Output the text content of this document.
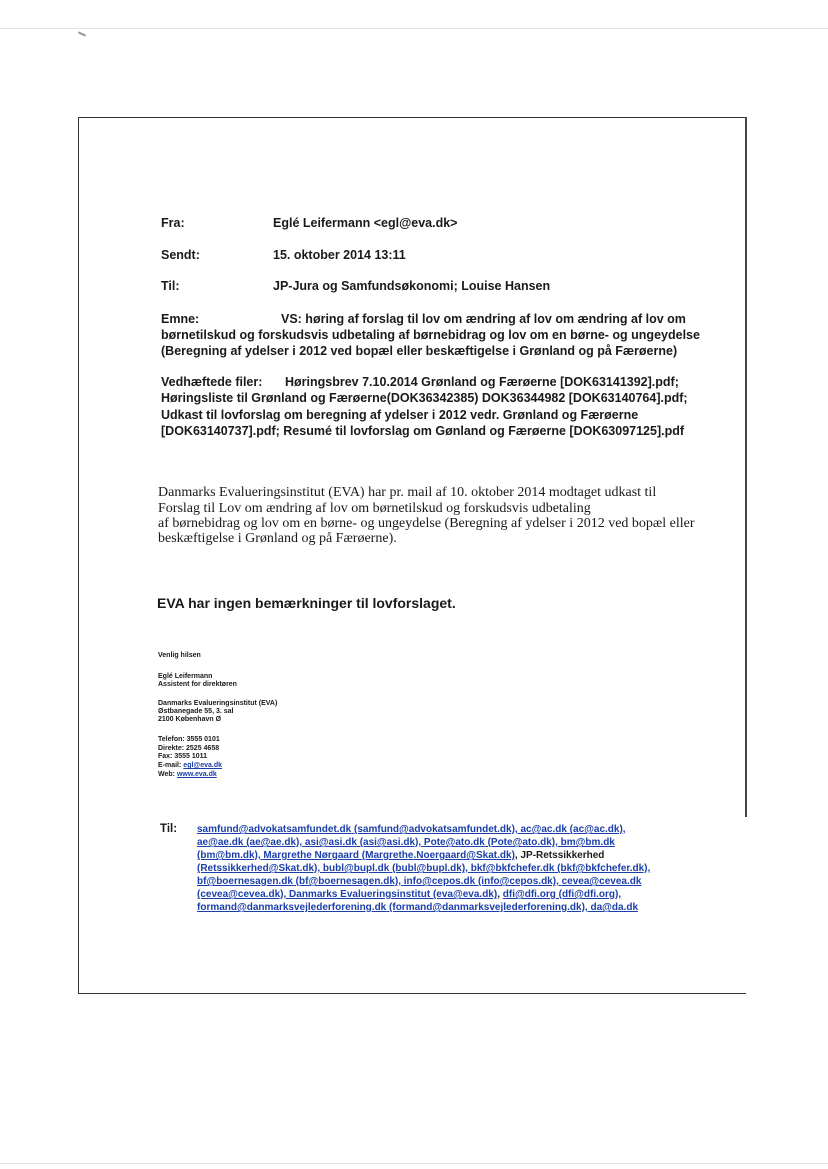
Fra:	Eglé Leifermann <egl@eva.dk>
Sendt:	15. oktober 2014 13:11
Til:	JP-Jura og Samfundsøkonomi; Louise Hansen
Emne:	VS: høring af forslag til lov om ændring af lov om ændring af lov om
børnetilskud og forskudsvis udbetaling af børnebidrag og lov om en børne- og ungeydelse
(Beregning af ydelser i 2012 ved bopæl eller beskæftigelse i Grønland og på Færøerne)
Vedhæftede filer: Høringsbrev 7.10.2014 Grønland og Færøerne [DOK63141392].pdf;
Høringsliste til Grønland og Færøerne(DOK36342385) DOK36344982 [DOK63140764].pdf;
Udkast til lovforslag om beregning af ydelser i 2012 vedr. Grønland og Færøerne
[DOK63140737].pdf; Resumé til lovforslag om Gønland og Færøerne [DOK63097125].pdf
Danmarks Evalueringsinstitut (EVA) har pr. mail af 10. oktober 2014 modtaget udkast til
Forslag til Lov om ændring af lov om børnetilskud og forskudsvis udbetaling
af børnebidrag og lov om en børne- og ungeydelse (Beregning af ydelser i 2012 ved bopæl eller
beskæftigelse i Grønland og på Færøerne).
EVA har ingen bemærkninger til lovforslaget.
Venlig hilsen
Eglé Leifermann
Assistent for direktøren
Danmarks Evalueringsinstitut (EVA)
Østbanegade 55, 3. sal
2100 København Ø
Telefon: 3555 0101
Direkte: 2525 4658
Fax: 3555 1011
E-mail: egl@eva.dk
Web: www.eva.dk
Til: samfund@advokatsamfundet.dk (samfund@advokatsamfundet.dk), ac@ac.dk (ac@ac.dk),
ae@ae.dk (ae@ae.dk), asi@asi.dk (asi@asi.dk), Pote@ato.dk (Pote@ato.dk), bm@bm.dk
(bm@bm.dk), Margrethe Nørgaard (Margrethe.Noergaard@Skat.dk), JP-Retssikkerhed
(Retssikkerhed@Skat.dk), bubl@bupl.dk (bubl@bupl.dk), bkf@bkfchefer.dk (bkf@bkfchefer.dk),
bf@boernesagen.dk (bf@boernesagen.dk), info@cepos.dk (info@cepos.dk), cevea@cevea.dk
(cevea@cevea.dk), Danmarks Evalueringsinstitut (eva@eva.dk), dfi@dfi.org (dfi@dfi.org),
formand@danmarksvejlederforening.dk (formand@danmarksvejlederforening.dk), da@da.dk
